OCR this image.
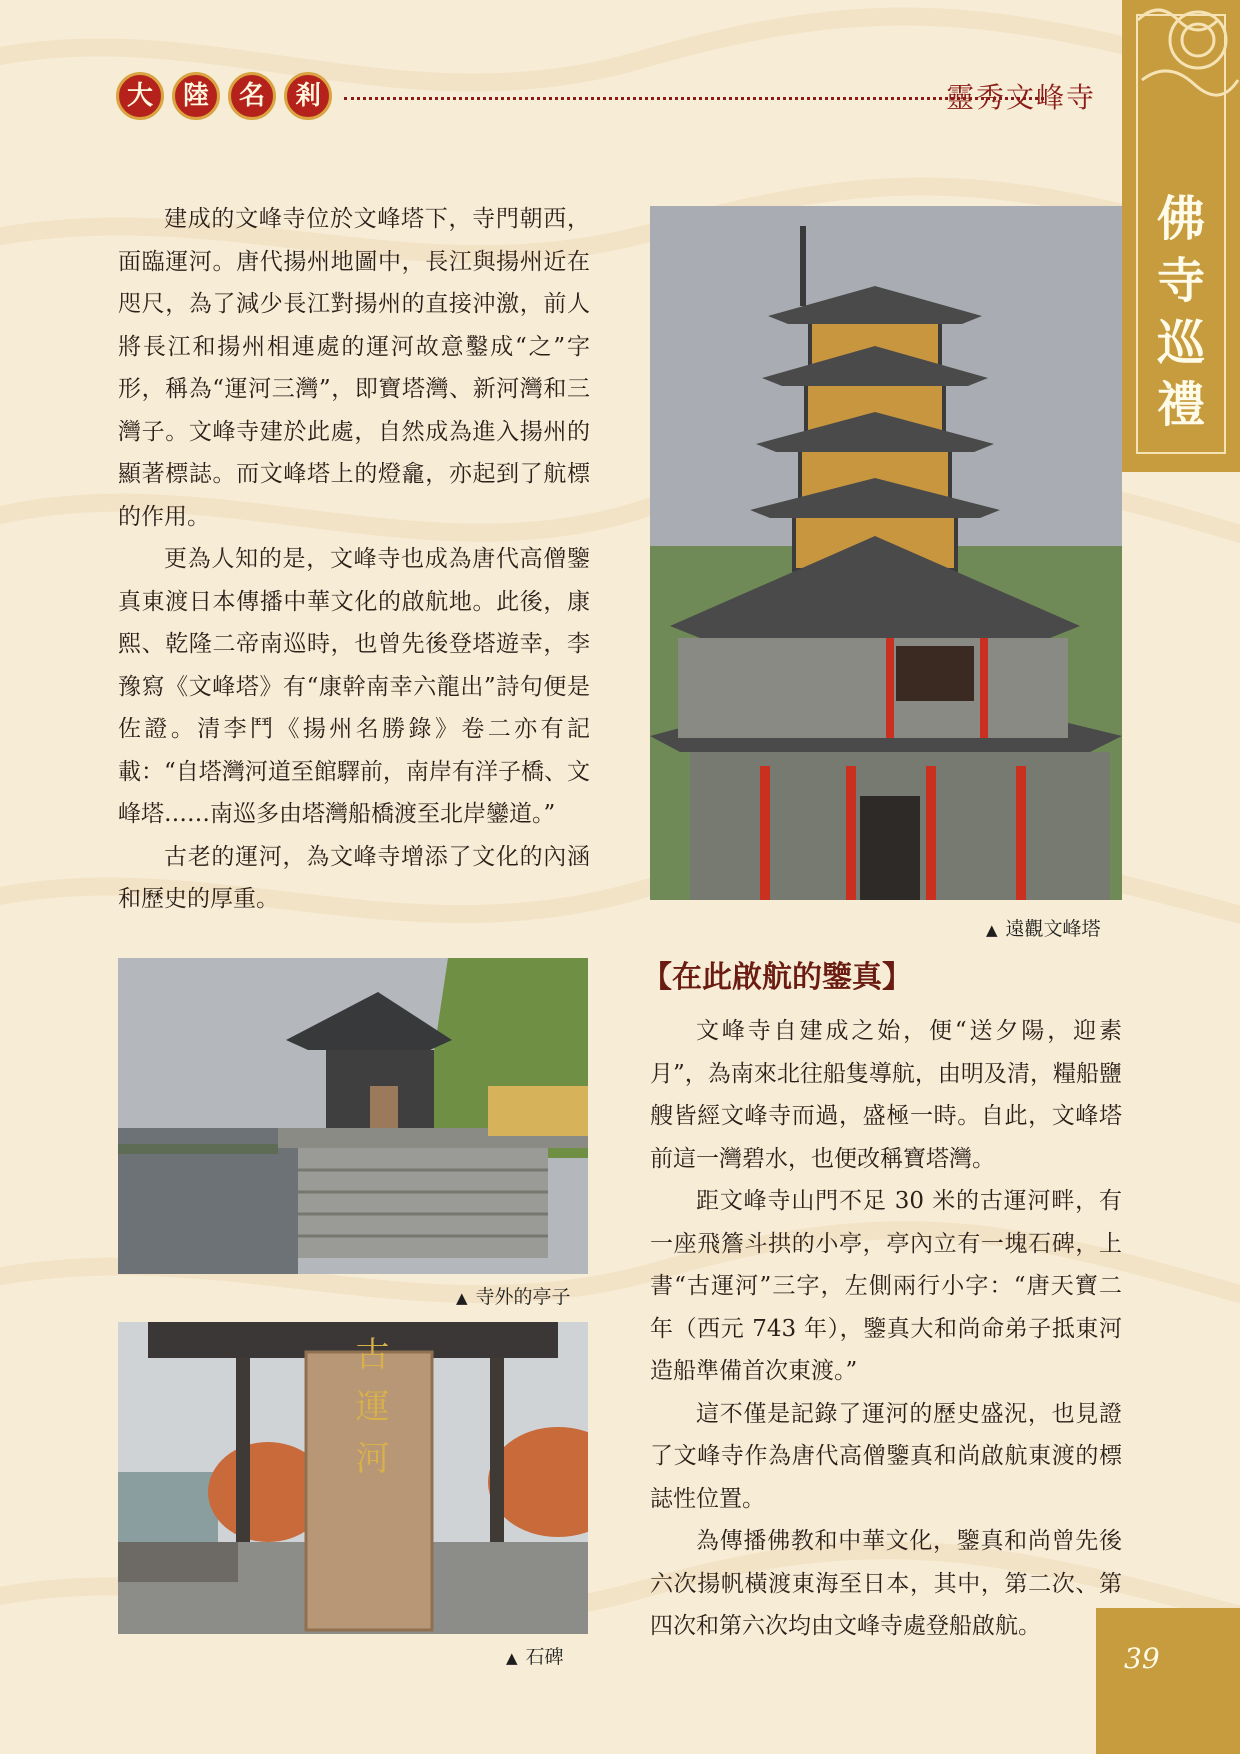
大	陸	名	剎	靈秀文峰寺
佛寺巡禮

建成的文峰寺位於文峰塔下，寺門朝西，面臨運河。唐代揚州地圖中，長江與揚州近在咫尺，為了減少長江對揚州的直接沖激，前人將長江和揚州相連處的運河故意鑿成“之”字形，稱為“運河三灣”，即寶塔灣、新河灣和三灣子。文峰寺建於此處，自然成為進入揚州的顯著標誌。而文峰塔上的燈龕，亦起到了航標的作用。

更為人知的是，文峰寺也成為唐代高僧鑒真東渡日本傳播中華文化的啟航地。此後，康熙、乾隆二帝南巡時，也曾先後登塔遊幸，李豫寫《文峰塔》有“康幹南幸六龍出”詩句便是佐證。清李鬥《揚州名勝錄》卷二亦有記載：“自塔灣河道至館驛前，南岸有洋子橋、文峰塔……南巡多由塔灣船橋渡至北岸鑾道。”

古老的運河，為文峰寺增添了文化的內涵和歷史的厚重。

▲ 遠觀文峰塔
▲ 寺外的亭子
古運河
▲ 石碑
【在此啟航的鑒真】

文峰寺自建成之始，便“送夕陽，迎素月”，為南來北往船隻導航，由明及清，糧船鹽艘皆經文峰寺而過，盛極一時。自此，文峰塔前這一灣碧水，也便改稱寶塔灣。

距文峰寺山門不足 30 米的古運河畔，有一座飛簷斗拱的小亭，亭內立有一塊石碑，上書“古運河”三字，左側兩行小字：“唐天寶二年（西元 743 年），鑒真大和尚命弟子抵東河造船準備首次東渡。”

這不僅是記錄了運河的歷史盛況，也見證了文峰寺作為唐代高僧鑒真和尚啟航東渡的標誌性位置。

為傳播佛教和中華文化，鑒真和尚曾先後六次揚帆橫渡東海至日本，其中，第二次、第四次和第六次均由文峰寺處登船啟航。

39
